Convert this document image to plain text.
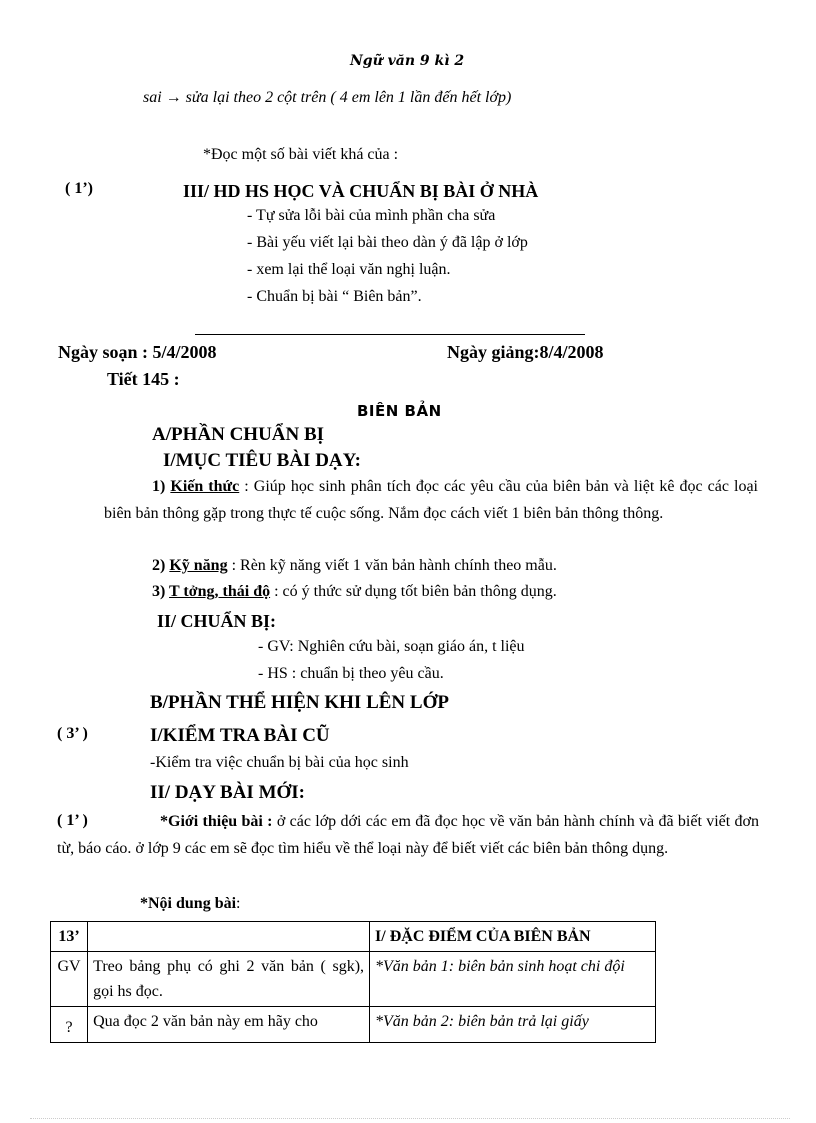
Ngữ văn 9 kì 2
sai → sửa lại theo 2 cột trên ( 4 em lên 1 lần đến hết lớp)
*Đọc một số bài viết khá của :
( 1’)	III/ HD HS HỌC VÀ CHUẨN BỊ BÀI Ở NHÀ
- Tự sửa lỗi bài của mình phần cha sửa
- Bài yếu viết lại bài theo dàn ý đã lập ở lớp
- xem lại thể loại văn nghị luận.
- Chuẩn bị bài “ Biên bản”.
Ngày soạn : 5/4/2008	Ngày giảng:8/4/2008
Tiết 145 :
BIÊN BẢN
A/PHẦN CHUẨN BỊ
I/MỤC TIÊU BÀI DẠY:
1) Kiến thức : Giúp học sinh phân tích đọc các yêu cầu của biên bản và liệt kê đọc các loại biên bản thông gặp trong thực tế cuộc sống. Nắm đọc cách viết 1 biên bản thông thông.
2) Kỹ năng : Rèn kỹ năng viết 1 văn bản hành chính theo mẫu.
3) T tởng, thái độ : có ý thức sử dụng tốt biên bản thông dụng.
II/ CHUẨN BỊ:
- GV: Nghiên cứu bài, soạn giáo án, t liệu
- HS : chuẩn bị theo yêu cầu.
B/PHẦN THỂ HIỆN KHI LÊN LỚP
( 3’ )	I/KIỂM TRA BÀI CŨ
-Kiểm tra việc chuẩn bị bài của học sinh
II/ DẠY BÀI MỚI:
( 1’ )	*Giới thiệu bài : ở các lớp dới các em đã đọc học về văn bản hành chính và đã biết viết đơn từ, báo cáo. ở lớp 9 các em sẽ đọc tìm hiểu về thể loại này để biết viết các biên bản thông dụng.
*Nội dung bài:
13’		I/ ĐẶC ĐIỂM CỦA BIÊN BẢN
GV	Treo bảng phụ có ghi 2 văn bản ( sgk), gọi hs đọc.	*Văn bản 1: biên bản sinh hoạt chi đội
?	Qua đọc 2 văn bản này em hãy cho	*Văn bản 2: biên bản trả lại giấy
